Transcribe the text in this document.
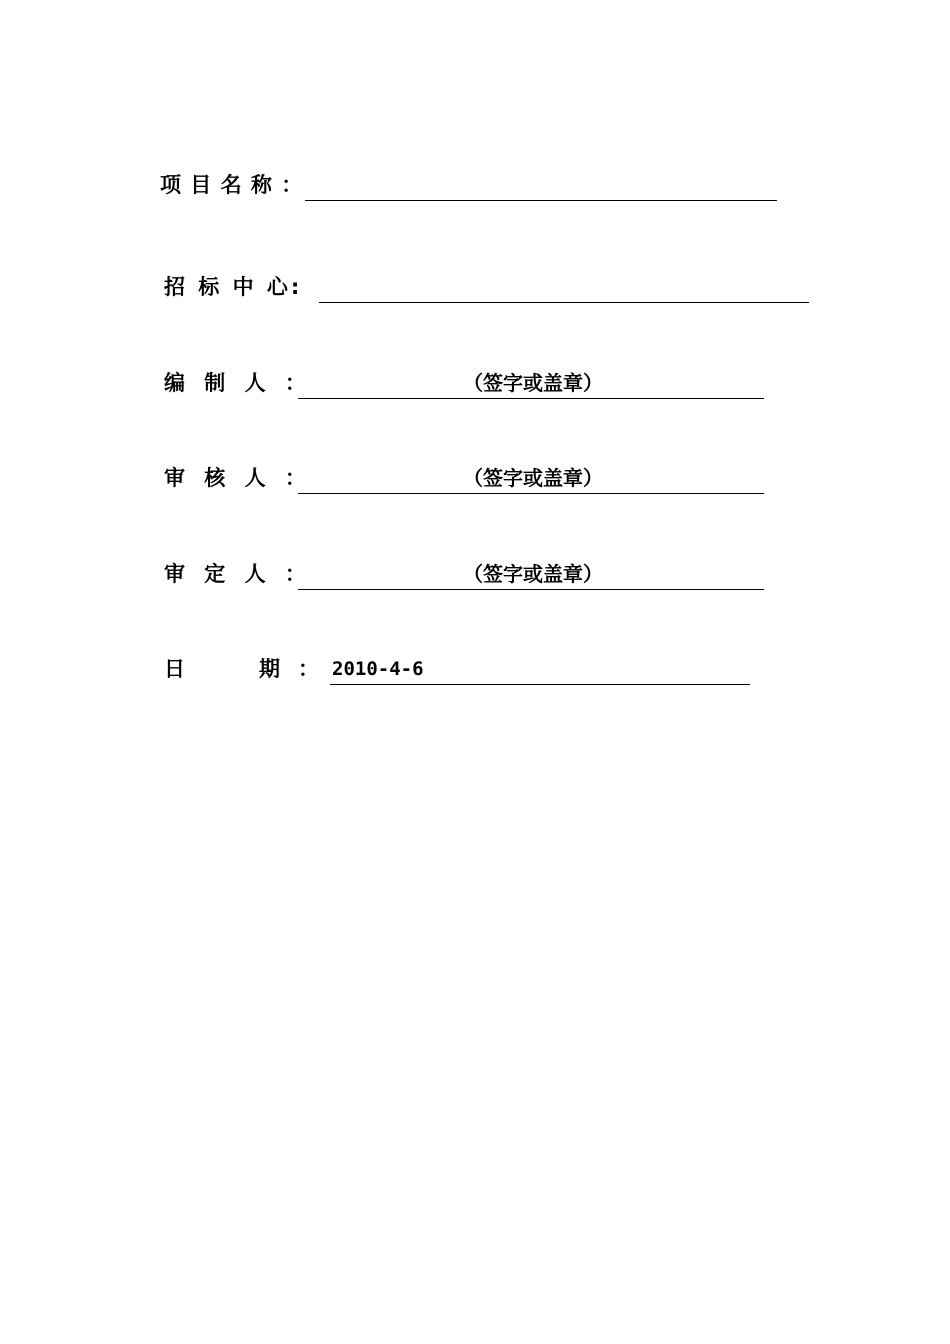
项 目 名 称 ：
招 标 中 心:
编 制 人 ：	（签字或盖章）
审 核 人 ：	（签字或盖章）
审 定 人 ：	（签字或盖章）
日	期 ： 2010-4-6
